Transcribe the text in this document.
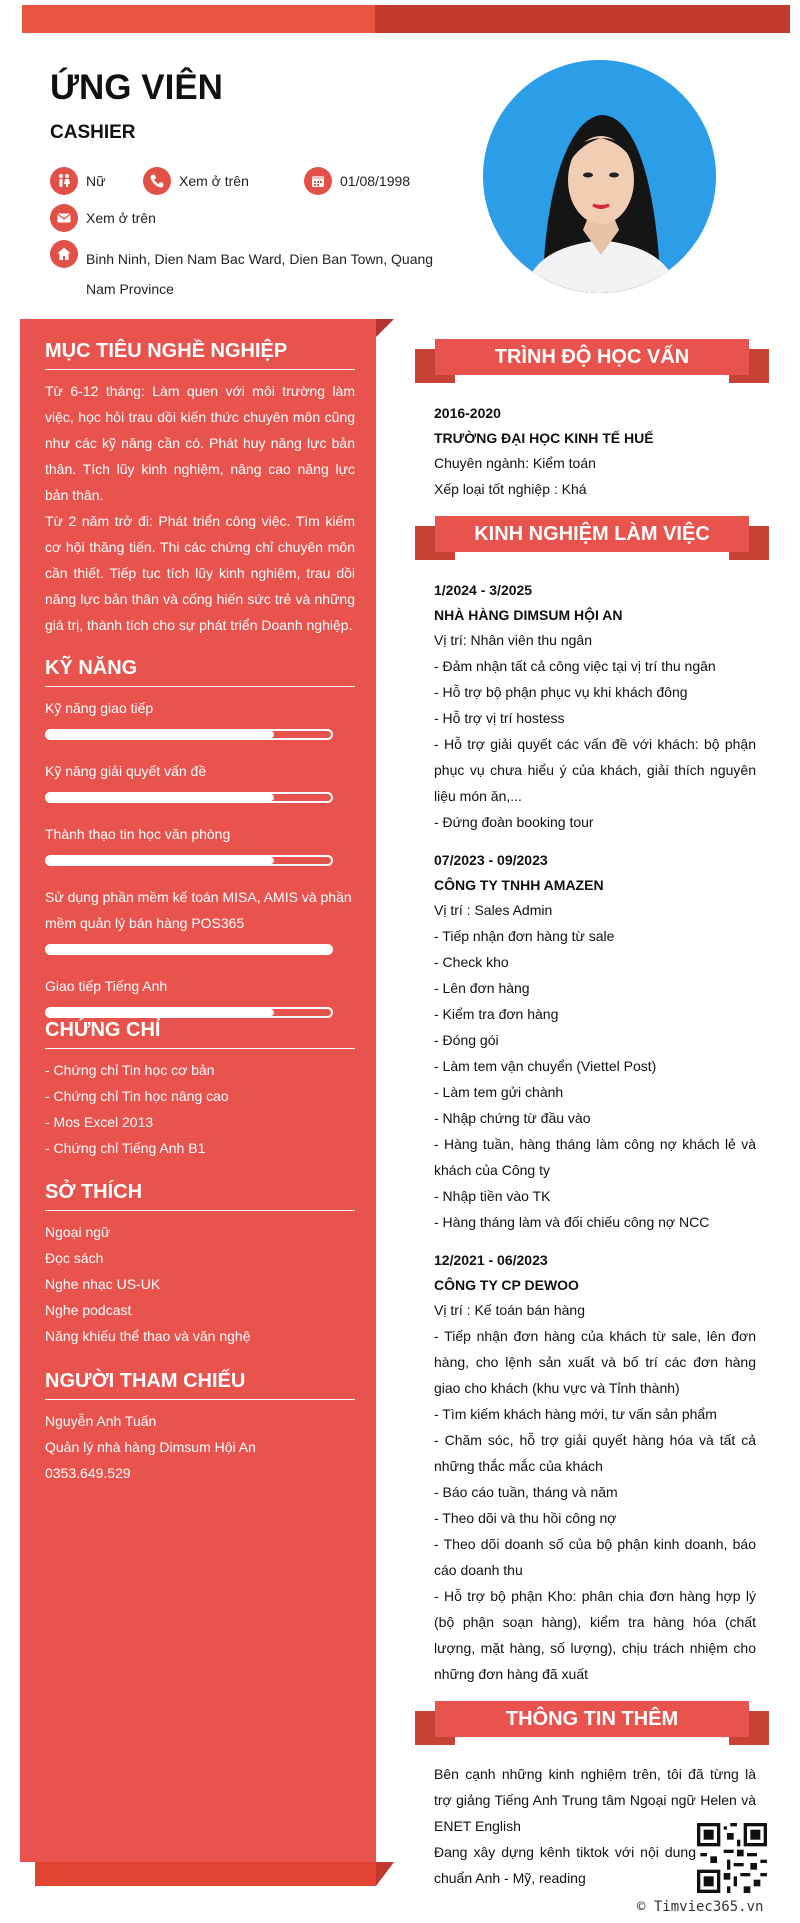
ỨNG VIÊN
CASHIER
Nữ	Xem ở trên	01/08/1998
Xem ở trên
Binh Ninh, Dien Nam Bac Ward, Dien Ban Town, Quang Nam Province
MỤC TIÊU NGHỀ NGHIỆP

Từ 6-12 tháng: Làm quen với môi trường làm việc, học hỏi trau dồi kiến thức chuyên môn cũng như các kỹ năng cần có. Phát huy năng lực bản thân. Tích lũy kinh nghiệm, nâng cao năng lực bản thân.

Từ 2 năm trở đi: Phát triển công việc. Tìm kiếm cơ hội thăng tiến. Thi các chứng chỉ chuyên môn cần thiết. Tiếp tục tích lũy kinh nghiệm, trau dồi năng lực bản thân và cống hiến sức trẻ và những giá trị, thành tích cho sự phát triển Doanh nghiệp.

KỸ NĂNG
Kỹ năng giao tiếp
Kỹ năng giải quyết vấn đề
Thành thạo tin học văn phòng
Sử dụng phần mềm kế toán MISA, AMIS và phần mềm quản lý bán hàng POS365
Giao tiếp Tiếng Anh
CHỨNG CHỈ
- Chứng chỉ Tin học cơ bản
- Chứng chỉ Tin học nâng cao
- Mos Excel 2013
- Chứng chỉ Tiếng Anh B1
SỞ THÍCH
Ngoại ngữ
Đọc sách
Nghe nhạc US-UK
Nghe podcast
Năng khiếu thể thao và văn nghệ
NGƯỜI THAM CHIẾU
Nguyễn Anh Tuấn
Quản lý nhà hàng Dimsum Hội An
0353.649.529
TRÌNH ĐỘ HỌC VẤN
2016-2020
TRƯỜNG ĐẠI HỌC KINH TẾ HUẾ
Chuyên ngành: Kiểm toán
Xếp loại tốt nghiệp : Khá
KINH NGHIỆM LÀM VIỆC
1/2024 - 3/2025
NHÀ HÀNG DIMSUM HỘI AN
Vị trí: Nhân viên thu ngân
- Đảm nhận tất cả công việc tại vị trí thu ngân
- Hỗ trợ bộ phận phục vụ khi khách đông
- Hỗ trợ vị trí hostess
- Hỗ trợ giải quyết các vấn đề với khách: bộ phận phục vụ chưa hiểu ý của khách, giải thích nguyên liệu món ăn,...
- Đứng đoàn booking tour
07/2023 - 09/2023
CÔNG TY TNHH AMAZEN
Vị trí : Sales Admin
- Tiếp nhận đơn hàng từ sale
- Check kho
- Lên đơn hàng
- Kiểm tra đơn hàng
- Đóng gói
- Làm tem vận chuyển (Viettel Post)
- Làm tem gửi chành
- Nhập chứng từ đầu vào
- Hàng tuần, hàng tháng làm công nợ khách lẻ và khách của Công ty
- Nhập tiền vào TK
- Hàng tháng làm và đối chiếu công nợ NCC
12/2021 - 06/2023
CÔNG TY CP DEWOO
Vị trí : Kế toán bán hàng
- Tiếp nhận đơn hàng của khách từ sale, lên đơn hàng, cho lệnh sản xuất và bố trí các đơn hàng giao cho khách (khu vực và Tỉnh thành)
- Tìm kiếm khách hàng mới, tư vấn sản phẩm
- Chăm sóc, hỗ trợ giải quyết hàng hóa và tất cả những thắc mắc của khách
- Báo cáo tuần, tháng và năm
- Theo dõi và thu hồi công nợ
- Theo dõi doanh số của bộ phận kinh doanh, báo cáo doanh thu
- Hỗ trợ bộ phận Kho: phân chia đơn hàng hợp lý (bộ phận soạn hàng), kiểm tra hàng hóa (chất lượng, mặt hàng, số lượng), chịu trách nhiệm cho những đơn hàng đã xuất
THÔNG TIN THÊM
Bên cạnh những kinh nghiệm trên, tôi đã từng là trợ giảng Tiếng Anh Trung tâm Ngoại ngữ Helen và ENET English
Đang xây dựng kênh tiktok với nội dung chuẩn Anh - Mỹ, reading
© Timviec365.vn
